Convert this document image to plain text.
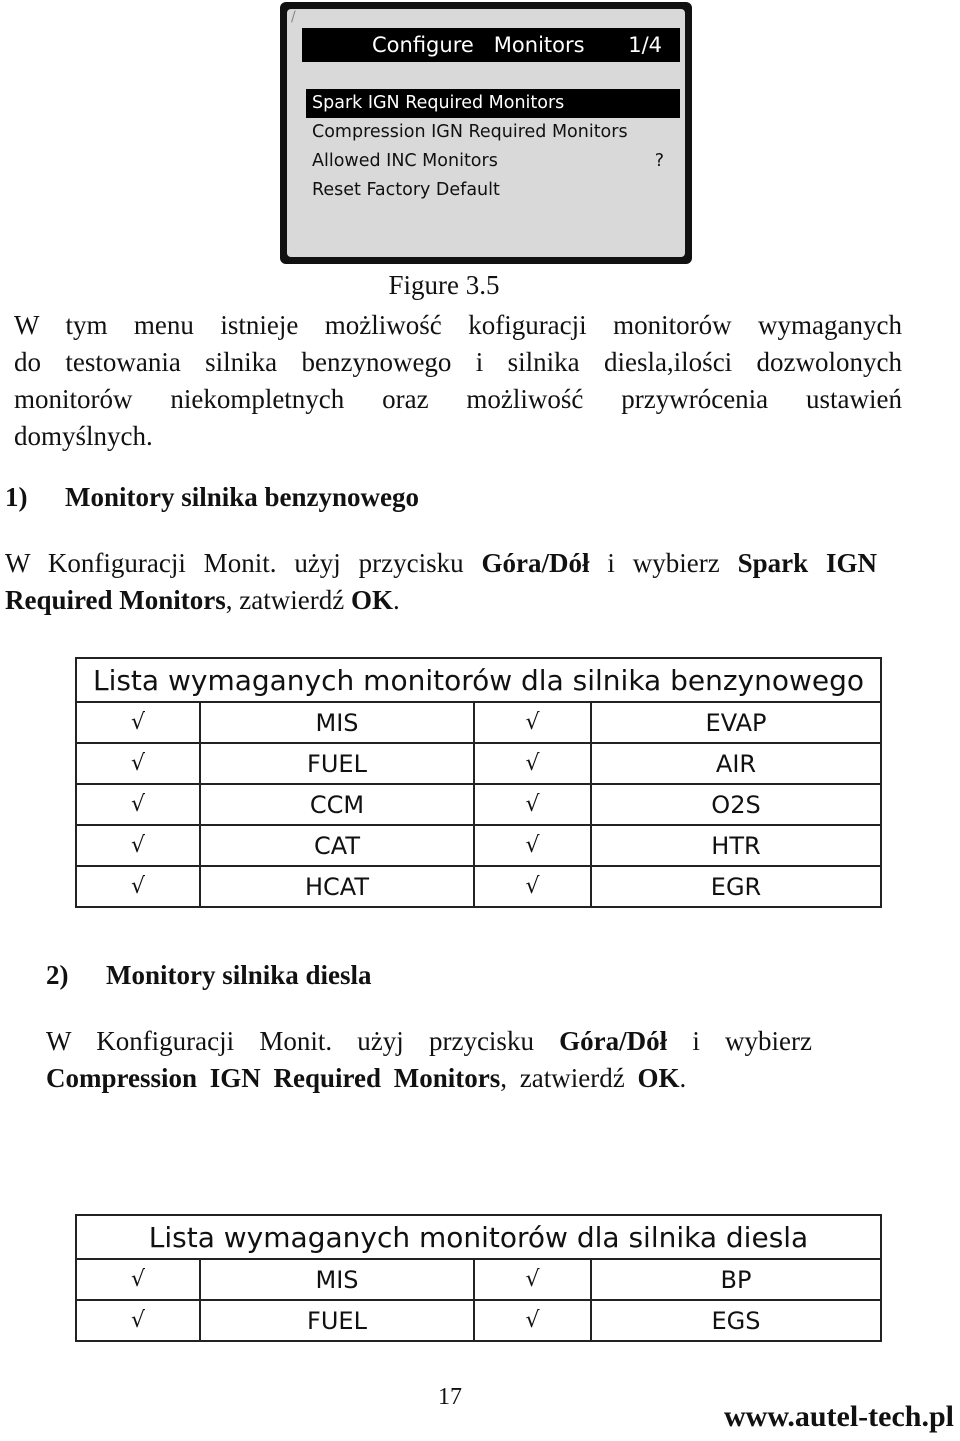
/
Configure   Monitors 1/4
Spark IGN Required Monitors
Compression IGN Required Monitors
Allowed INC Monitors	?
Reset Factory Default
Figure 3.5

W tym menu istnieje możliwość kofiguracji monitorów wymaganych

do testowania silnika benzynowego i silnika diesla,ilości dozwolonych

monitorów niekompletnych oraz możliwość przywrócenia ustawień

domyślnych.

1) Monitory silnika benzynowego

W Konfiguracji Monit. użyj przycisku Góra/Dół i wybierz Spark IGN

Required Monitors, zatwierdź OK.

Lista wymaganych monitorów dla silnika benzynowego			
√	MIS	√	EVAP
√	FUEL	√	AIR
√	CCM	√	O2S
√	CAT	√	HTR
√	HCAT	√	EGR
2) Monitory silnika diesla

W Konfiguracji Monit. użyj przycisku Góra/Dół i wybierz

Compression IGN Required Monitors, zatwierdź OK.

Lista wymaganych monitorów dla silnika diesla			
√	MIS	√	BP
√	FUEL	√	EGS
17
www.autel-tech.pl
